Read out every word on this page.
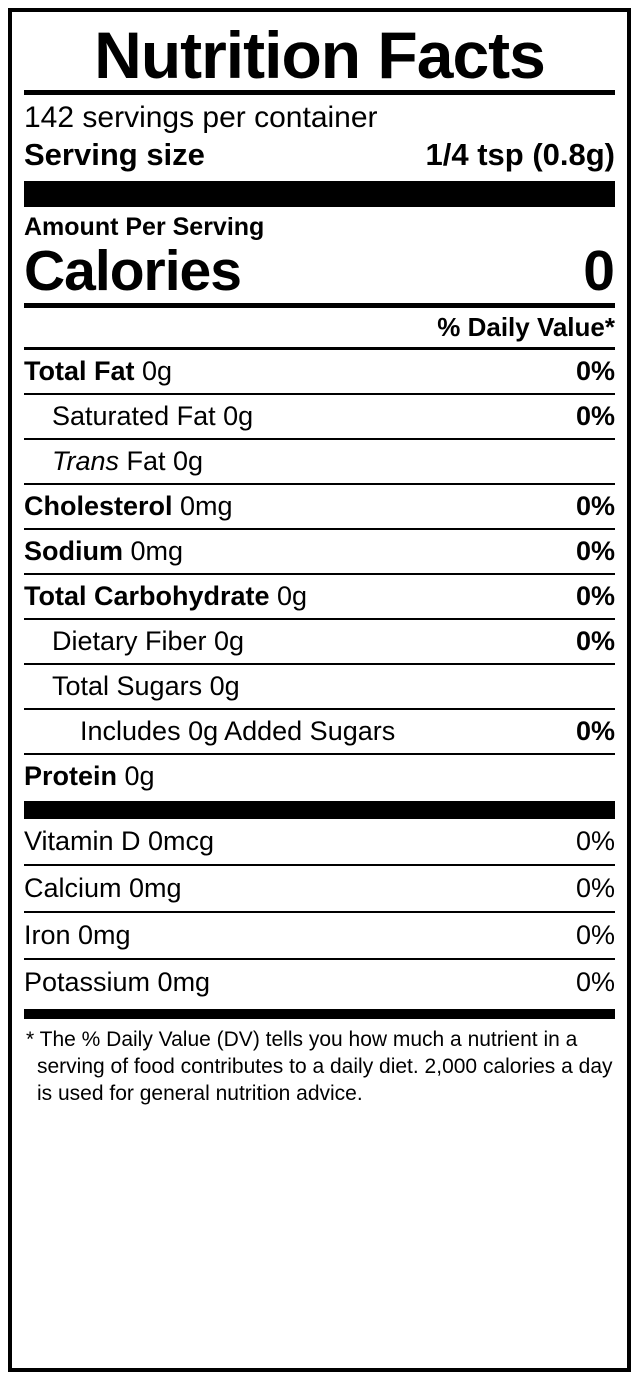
Nutrition Facts
142 servings per container
Serving size	1/4 tsp (0.8g)
Amount Per Serving
Calories	0
% Daily Value*
Total Fat 0g	0%
Saturated Fat 0g	0%
Trans Fat 0g
Cholesterol 0mg	0%
Sodium 0mg	0%
Total Carbohydrate 0g	0%
Dietary Fiber 0g	0%
Total Sugars 0g
Includes 0g Added Sugars	0%
Protein 0g
Vitamin D 0mcg	0%
Calcium 0mg	0%
Iron 0mg	0%
Potassium 0mg	0%
* The % Daily Value (DV) tells you how much a nutrient in a serving of food contributes to a daily diet. 2,000 calories a day is used for general nutrition advice.
